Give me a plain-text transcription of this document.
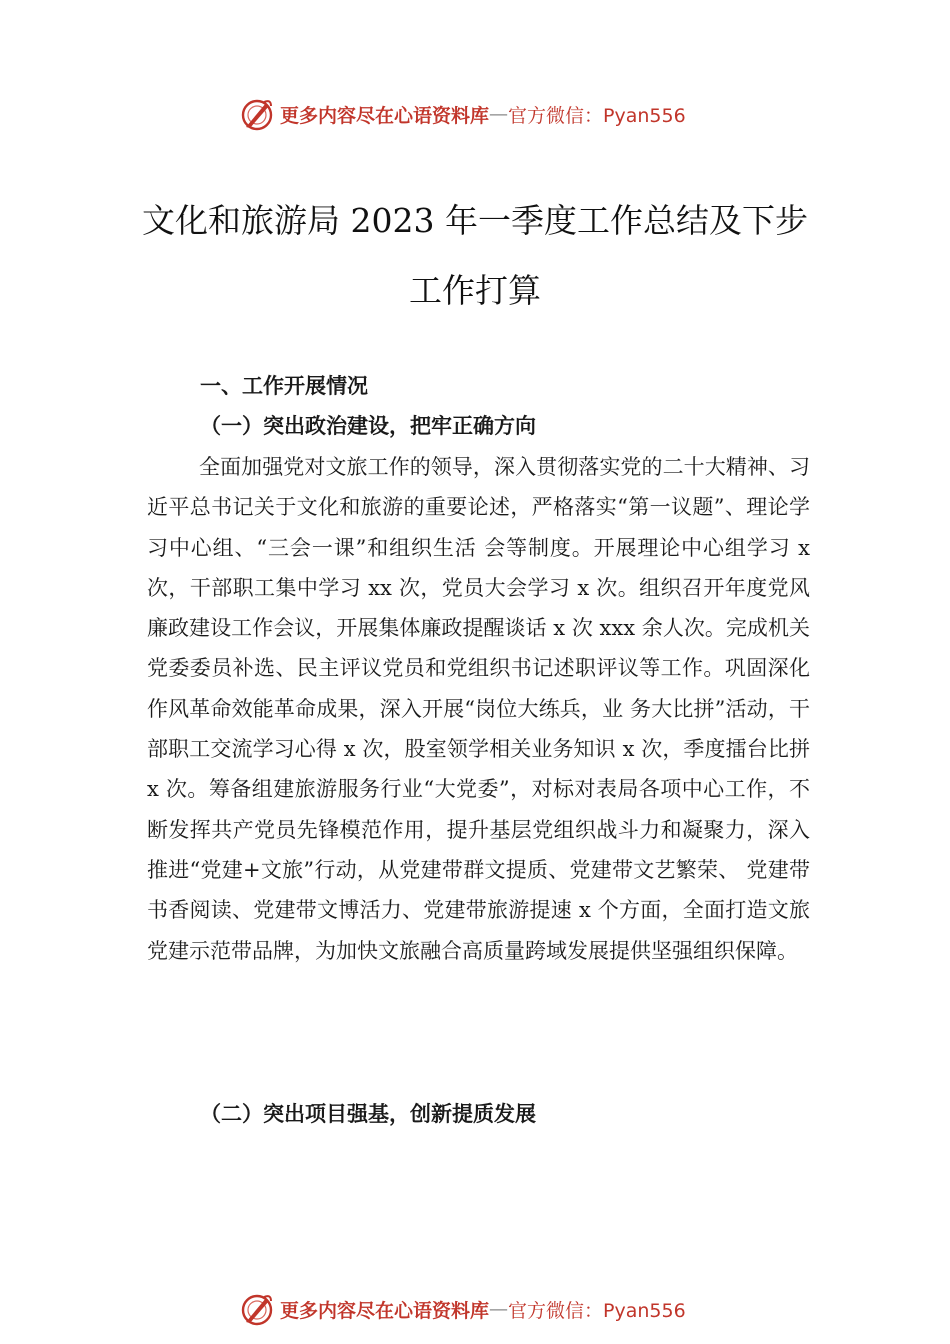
更多内容尽在心语资料库 — 官方微信：Pyan556
文化和旅游局 2023 年一季度工作总结及下步工作打算
一、工作开展情况
（一）突出政治建设，把牢正确方向

全面加强党对文旅工作的领导，深入贯彻落实党的二十大精神、习近平总书记关于文化和旅游的重要论述，严格落实“第一议题”、理论学习中心组、“三会一课”和组织生活 会等制度。开展理论中心组学习 x 次，干部职工集中学习 xx 次，党员大会学习 x 次。组织召开年度党风廉政建设工作会议，开展集体廉政提醒谈话 x 次 xxx 余人次。完成机关党委委员补选、民主评议党员和党组织书记述职评议等工作。巩固深化作风革命效能革命成果，深入开展“岗位大练兵，业 务大比拼”活动，干部职工交流学习心得 x 次，股室领学相关业务知识 x 次，季度擂台比拼 x 次。筹备组建旅游服务行业“大党委”，对标对表局各项中心工作，不断发挥共产党员先锋模范作用，提升基层党组织战斗力和凝聚力，深入推进“党建+文旅”行动，从党建带群文提质、党建带文艺繁荣、 党建带书香阅读、党建带文博活力、党建带旅游提速 x 个方面，全面打造文旅党建示范带品牌，为加快文旅融合高质量跨域发展提供坚强组织保障。

（二）突出项目强基，创新提质发展
更多内容尽在心语资料库 — 官方微信：Pyan556
